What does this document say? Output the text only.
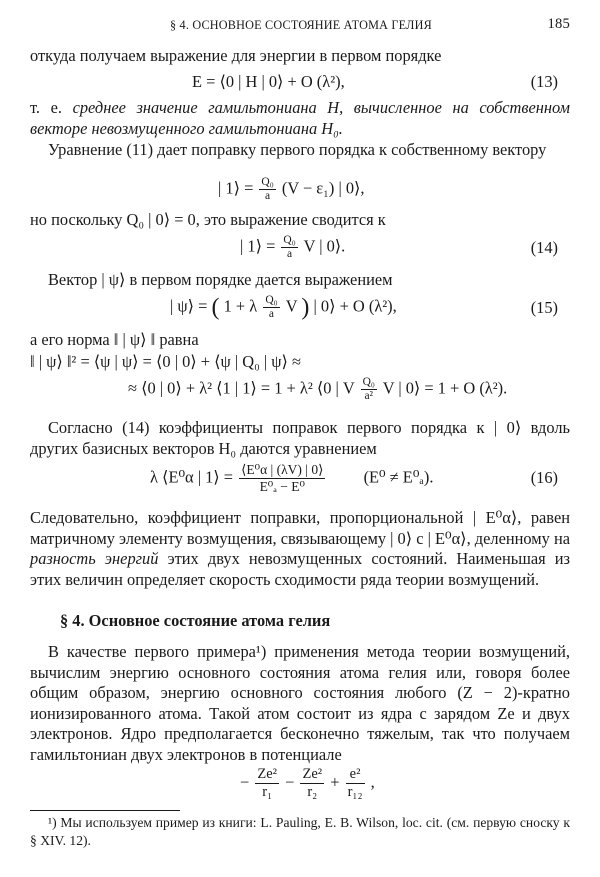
§ 4. ОСНОВНОЕ СОСТОЯНИЕ АТОМА ГЕЛИЯ	185
откуда получаем выражение для энергии в первом порядке
E = ⟨0 | H | 0⟩ + O (λ²),	(13)
т. е. среднее значение гамильтониана H, вычисленное на собственном векторе невозмущенного гамильтониана H₀.
Уравнение (11) дает поправку первого порядка к собственному вектору
| 1⟩ = $\frac{\text{Q₀}}{a} (V - \varepsilon_1)$ | 0⟩,
но поскольку Q₀ | 0⟩ = 0, это выражение сводится к
| 1⟩ = $\frac{\text{Q₀}}{a}$ V | 0⟩.	(14)
Вектор | ψ⟩ в первом порядке дается выражением
| ψ⟩ = ( 1 + λ $\frac{\text{Q₀}}{a}$ V ) | 0⟩ + O (λ²),	(15)
а его норма ‖ | ψ⟩ ‖ равна
‖ | ψ⟩ ‖² = ⟨ψ | ψ⟩ = ⟨0 | 0⟩ + ⟨ψ | Q₀ | ψ⟩ ≈
≈ ⟨0 | 0⟩ + λ² ⟨1 | 1⟩ = 1 + λ² ⟨0 | V $\frac{\text{Q₀}}{\text{a²}}$ V | 0⟩ = 1 + O (λ²).
Согласно (14) коэффициенты поправок первого порядка к | 0⟩ вдоль других базисных векторов H₀ даются уравнением
λ ⟨E⁰α | 1⟩ = $\frac{\text{⟨E⁰α | (λV) | 0⟩}}{\text{E⁰ₐ − E⁰}} (E^0 \ne E^0_a)$.	(16)
Следовательно, коэффициент поправки, пропорциональной | E⁰α⟩, равен матричному элементу возмущения, связывающему | 0⟩ с | E⁰α⟩, деленному на разность энергий этих двух невозмущенных состояний. Наименьшая из этих величин определяет скорость сходимости ряда теории возмущений.
§ 4. Основное состояние атома гелия
В качестве первого примера¹) применения метода теории возмущений, вычислим энергию основного состояния атома гелия или, говоря более общим образом, энергию основного состояния любого (Z − 2)-кратно ионизированного атома. Такой атом состоит из ядра с зарядом Ze и двух электронов. Ядро предполагается бесконечно тяжелым, так что получаем гамильтониан двух электронов в потенциале
− $\frac{\text{Ze²}}{\text{r₁}} - \frac{\text{Ze²}}{\text{r₂}} + \frac{\text{e²}}{\text{r₁₂}}$ ,
¹) Мы используем пример из книги: L. Pauling, E. B. Wilson, loc. cit. (см. первую сноску к § XIV. 12).
